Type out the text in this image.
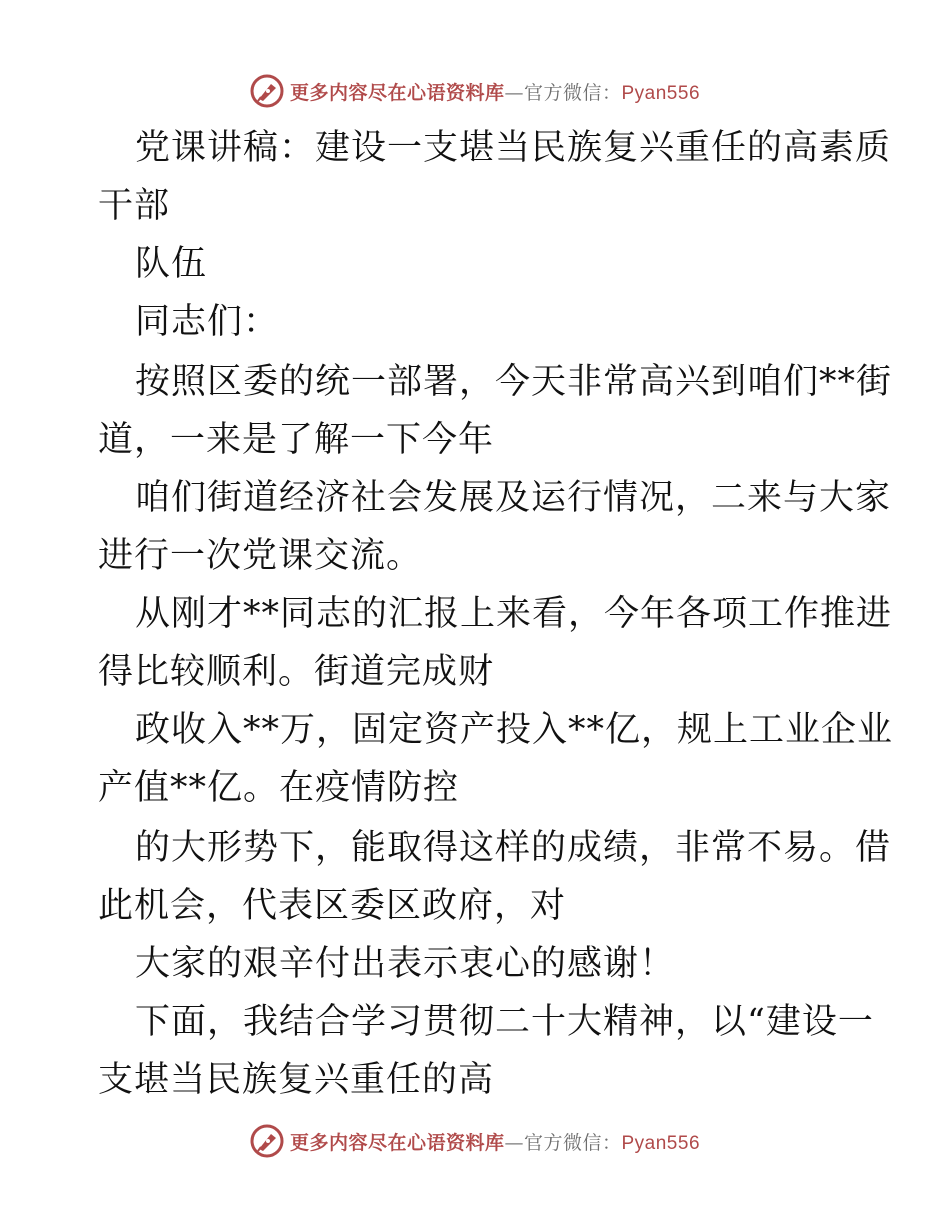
更多内容尽在心语资料库—官方微信：Pyan556
党课讲稿：建设一支堪当民族复兴重任的高素质
干部
队伍
同志们：
按照区委的统一部署，今天非常高兴到咱们**街
道，一来是了解一下今年
咱们街道经济社会发展及运行情况，二来与大家
进行一次党课交流。
从刚才**同志的汇报上来看，今年各项工作推进
得比较顺利。街道完成财
政收入**万，固定资产投入**亿，规上工业企业
产值**亿。在疫情防控
的大形势下，能取得这样的成绩，非常不易。借
此机会，代表区委区政府，对
大家的艰辛付出表示衷心的感谢！
下面，我结合学习贯彻二十大精神，以“建设一
支堪当民族复兴重任的高
更多内容尽在心语资料库—官方微信：Pyan556
